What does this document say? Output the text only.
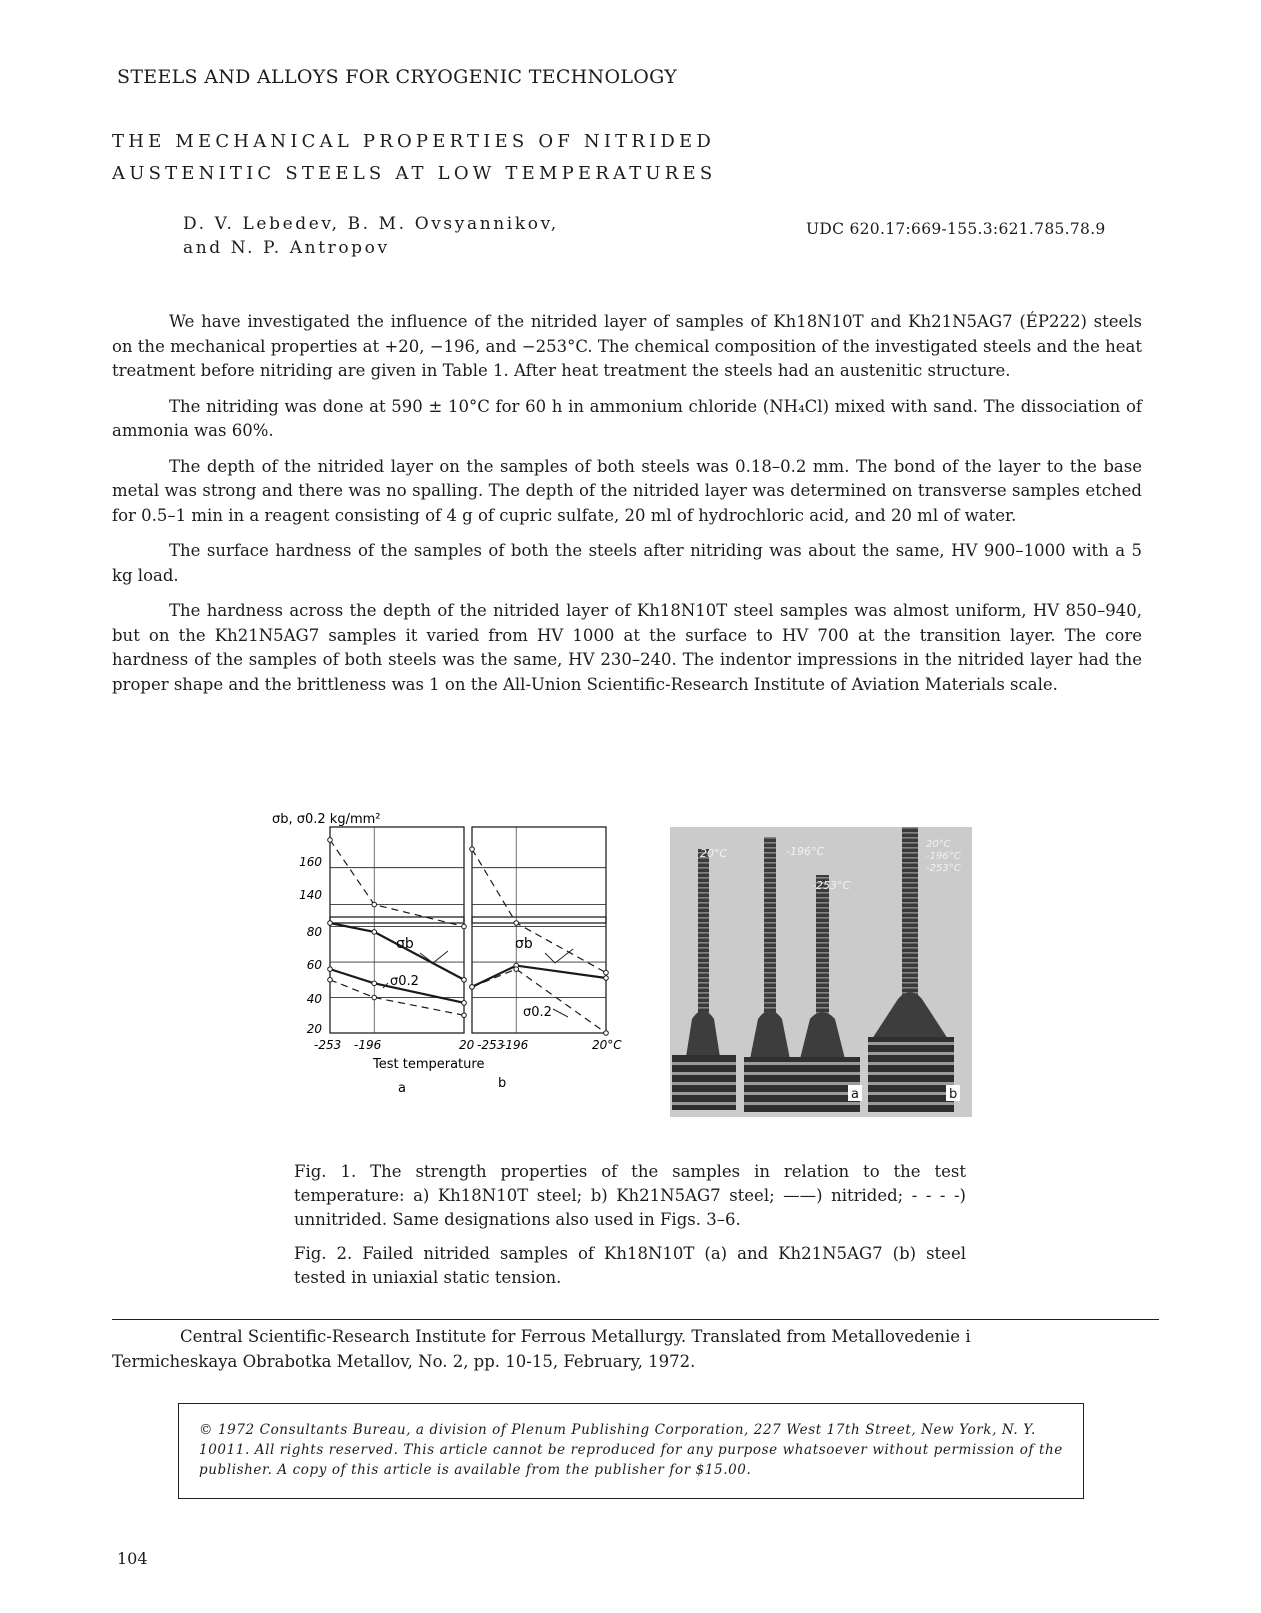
STEELS AND ALLOYS FOR CRYOGENIC TECHNOLOGY
THE MECHANICAL PROPERTIES OF NITRIDED
AUSTENITIC STEELS AT LOW TEMPERATURES
D. V. Lebedev, B. M. Ovsyannikov,
and N. P. Antropov
UDC 620.17:669-155.3:621.785.78.9

We have investigated the influence of the nitrided layer of samples of Kh18N10T and Kh21N5AG7 (ÉP222) steels on the mechanical properties at +20, −196, and −253°C. The chemical composition of the investigated steels and the heat treatment before nitriding are given in Table 1. After heat treatment the steels had an austenitic structure.

The nitriding was done at 590 ± 10°C for 60 h in ammonium chloride (NH₄Cl) mixed with sand. The dissociation of ammonia was 60%.

The depth of the nitrided layer on the samples of both steels was 0.18–0.2 mm. The bond of the layer to the base metal was strong and there was no spalling. The depth of the nitrided layer was determined on transverse samples etched for 0.5–1 min in a reagent consisting of 4 g of cupric sulfate, 20 ml of hydrochloric acid, and 20 ml of water.

The surface hardness of the samples of both the steels after nitriding was about the same, HV 900–1000 with a 5 kg load.

The hardness across the depth of the nitrided layer of Kh18N10T steel samples was almost uniform, HV 850–940, but on the Kh21N5AG7 samples it varied from HV 1000 at the surface to HV 700 at the transition layer. The core hardness of the samples of both steels was the same, HV 230–240. The indentor impressions in the nitrided layer had the proper shape and the brittleness was 1 on the All-Union Scientific-Research Institute of Aviation Materials scale.

σb, σ0.2 kg/mm²
160
140
80
60
40
20
-253 -196	20 -253
-196	20°C
Test temperature
a	b
σb
σ0.2
σb
σ0.2
20°C	-196°C
-253°C
20°C
-196°C
-253°C
a	b

Fig. 1. The strength properties of the samples in relation to the test temperature: a) Kh18N10T steel; b) Kh21N5AG7 steel; ——) nitrided; - - - -) unnitrided. Same designations also used in Figs. 3–6.

Fig. 2. Failed nitrided samples of Kh18N10T (a) and Kh21N5AG7 (b) steel tested in uniaxial static tension.

Central Scientific-Research Institute for Ferrous Metallurgy. Translated from Metallovedenie i
Termicheskaya Obrabotka Metallov, No. 2, pp. 10-15, February, 1972.
© 1972 Consultants Bureau, a division of Plenum Publishing Corporation, 227 West 17th Street, New York, N. Y. 10011. All rights reserved. This article cannot be reproduced for any purpose whatsoever without permission of the publisher. A copy of this article is available from the publisher for $15.00.
104
